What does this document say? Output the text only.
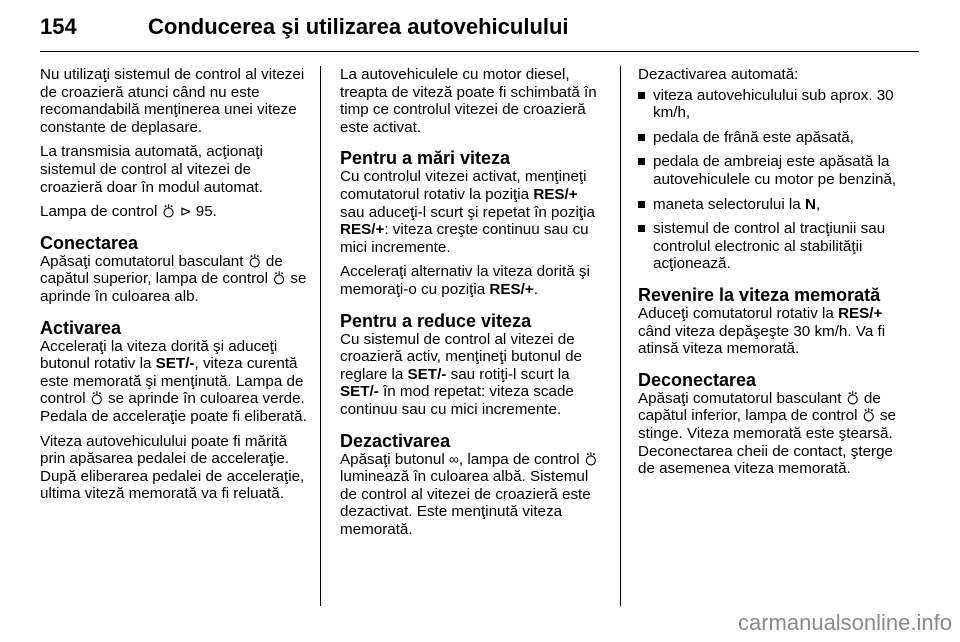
154	Conducerea şi utilizarea autovehiculului

Nu utilizaţi sistemul de control al vitezei de croazieră atunci când nu este recomandabilă menţinerea unei viteze constante de deplasare.

La transmisia automată, acţionaţi sistemul de control al vitezei de croazieră doar în modul automat.

Lampa de control ⛣ ⊳ 95.

Conectarea

Apăsaţi comutatorul basculant ⛣ de capătul superior, lampa de control ⛣ se aprinde în culoarea alb.

Activarea

Acceleraţi la viteza dorită şi aduceţi butonul rotativ la SET/-, viteza curentă este memorată şi menţinută. Lampa de control ⛣ se aprinde în culoarea verde. Pedala de acceleraţie poate fi eliberată.

Viteza autovehiculului poate fi mărită prin apăsarea pedalei de acceleraţie. După eliberarea pedalei de acceleraţie, ultima viteză memorată va fi reluată.

La autovehiculele cu motor diesel, treapta de viteză poate fi schimbată în timp ce controlul vitezei de croazieră este activat.

Pentru a mări viteza

Cu controlul vitezei activat, menţineţi comutatorul rotativ la poziţia RES/+ sau aduceţi-l scurt şi repetat în poziţia RES/+: viteza creşte continuu sau cu mici incremente.

Acceleraţi alternativ la viteza dorită şi memoraţi-o cu poziţia RES/+.

Pentru a reduce viteza

Cu sistemul de control al vitezei de croazieră activ, menţineţi butonul de reglare la SET/- sau rotiţi-l scurt la SET/- în mod repetat: viteza scade continuu sau cu mici incremente.

Dezactivarea

Apăsaţi butonul ∞, lampa de control ⛣ luminează în culoarea albă. Sistemul de control al vitezei de croazieră este dezactivat. Este menţinută viteza memorată.

Dezactivarea automată:

viteza autovehiculului sub aprox. 30 km/h,
pedala de frână este apăsată,
pedala de ambreiaj este apăsată la autovehiculele cu motor pe benzină,
maneta selectorului la N,
sistemul de control al tracţiunii sau controlul electronic al stabilităţii acţionează.
Revenire la viteza memorată

Aduceţi comutatorul rotativ la RES/+ când viteza depăşeşte 30 km/h. Va fi atinsă viteza memorată.

Deconectarea

Apăsaţi comutatorul basculant ⛣ de capătul inferior, lampa de control ⛣ se stinge. Viteza memorată este ştearsă. Deconectarea cheii de contact, şterge de asemenea viteza memorată.

carmanualsonline.info
